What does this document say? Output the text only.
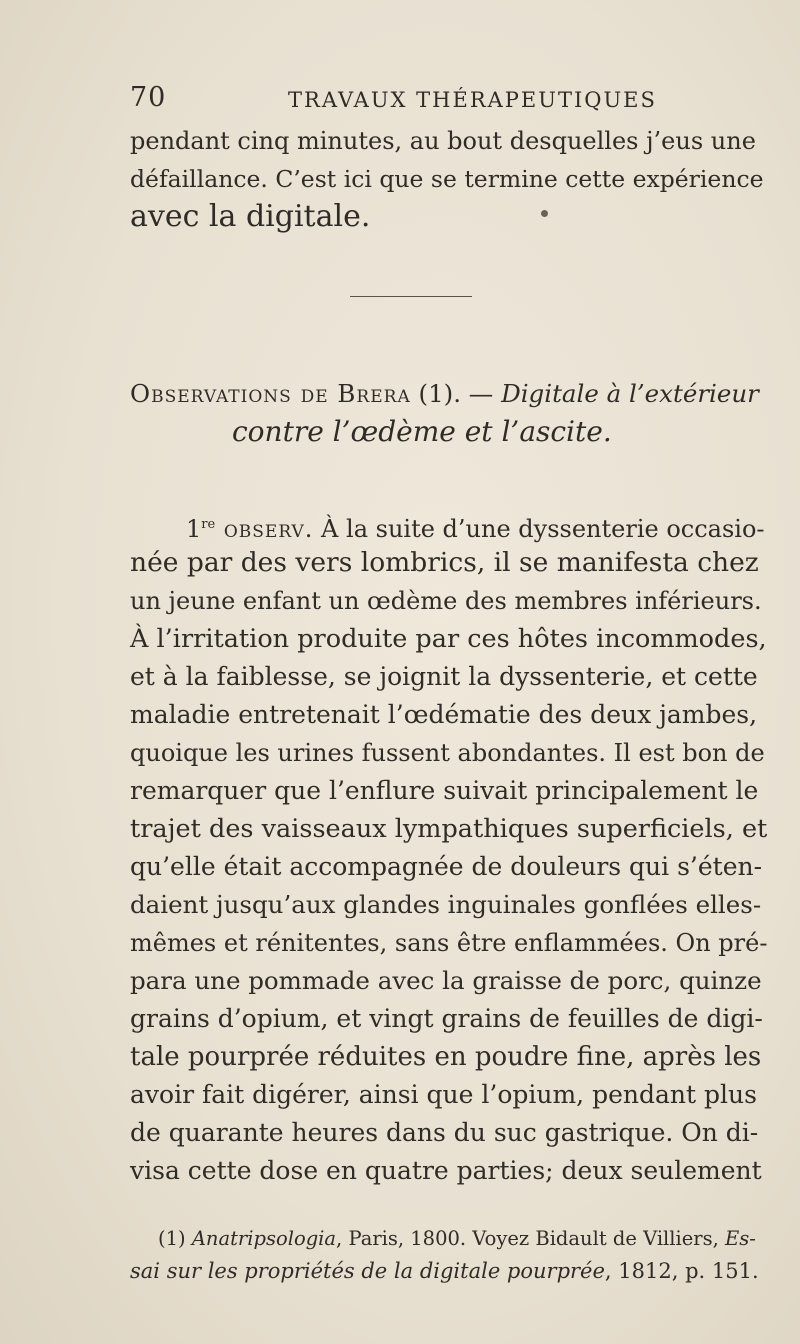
70	TRAVAUX THÉRAPEUTIQUES
pendant cinq minutes, au bout desquelles j’eus une
défaillance. C’est ici que se termine cette expérience
avec la digitale.
Observations de Brera (1). — Digitale à l’extérieur
contre l’œdème et l’ascite.
1re observ. À la suite d’une dyssenterie occasio-
née par des vers lombrics, il se manifesta chez
un jeune enfant un œdème des membres inférieurs.
À l’irritation produite par ces hôtes incommodes,
et à la faiblesse, se joignit la dyssenterie, et cette
maladie entretenait l’œdématie des deux jambes,
quoique les urines fussent abondantes. Il est bon de
remarquer que l’enflure suivait principalement le
trajet des vaisseaux lympathiques superficiels, et
qu’elle était accompagnée de douleurs qui s’éten-
daient jusqu’aux glandes inguinales gonflées elles-
mêmes et rénitentes, sans être enflammées. On pré-
para une pommade avec la graisse de porc, quinze
grains d’opium, et vingt grains de feuilles de digi-
tale pourprée réduites en poudre fine, après les
avoir fait digérer, ainsi que l’opium, pendant plus
de quarante heures dans du suc gastrique. On di-
visa cette dose en quatre parties; deux seulement
(1) Anatripsologia, Paris, 1800. Voyez Bidault de Villiers, Es-
sai sur les propriétés de la digitale pourprée, 1812, p. 151.
